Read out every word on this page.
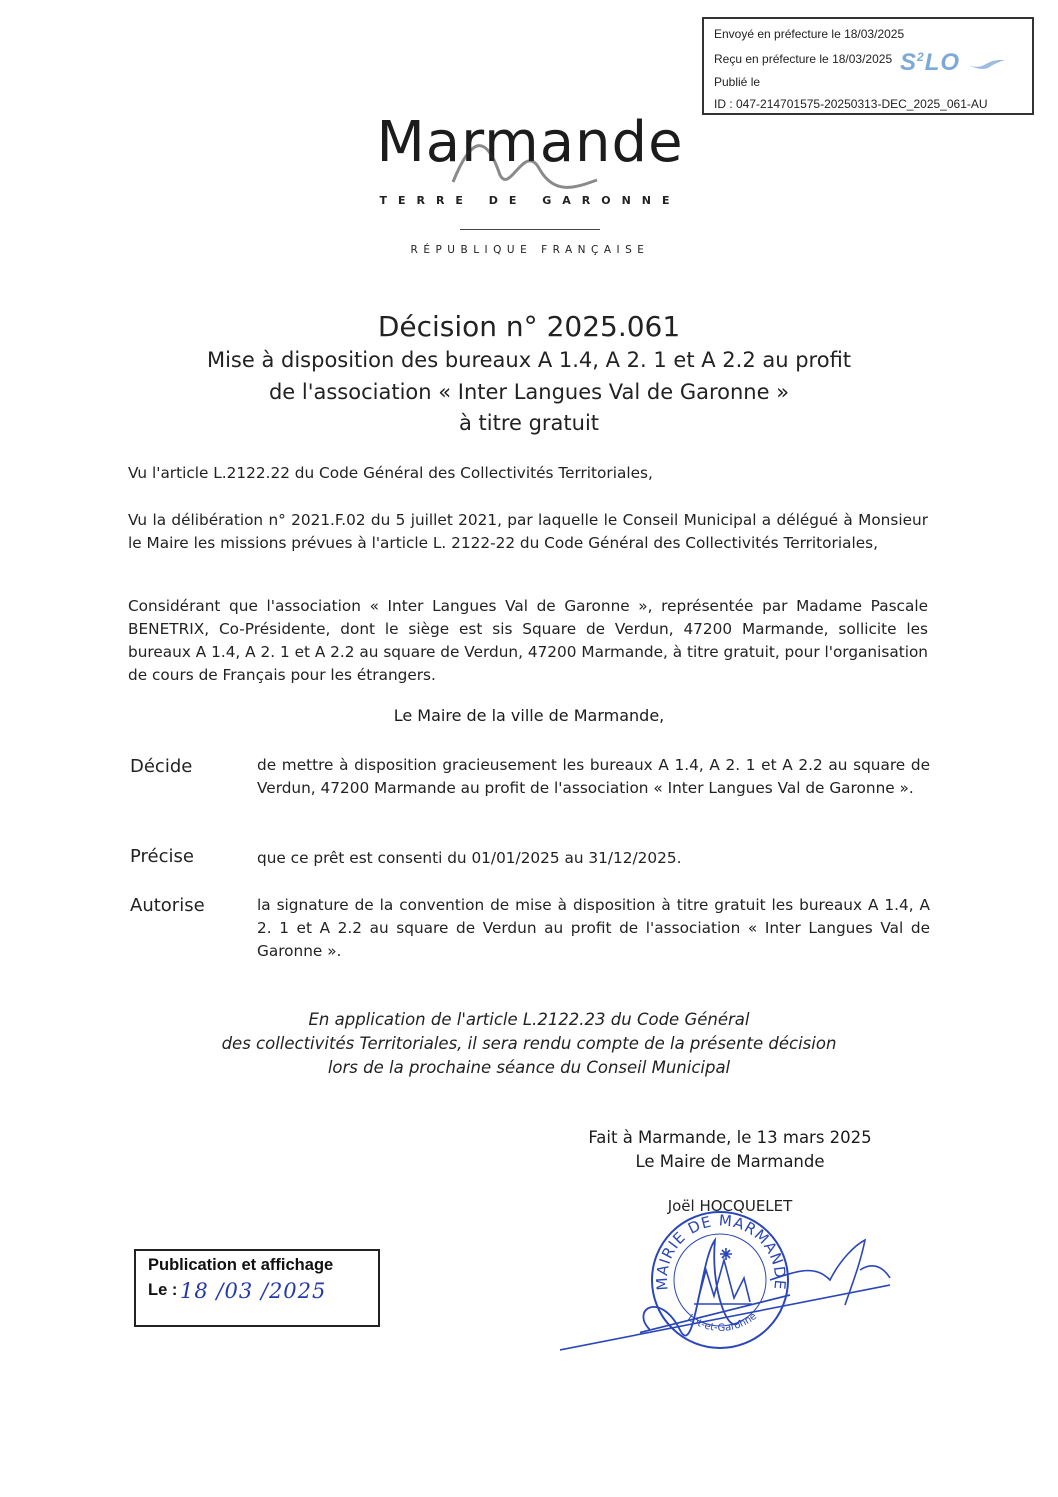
Envoyé en préfecture le 18/03/2025
Reçu en préfecture le 18/03/2025
Publié le
ID : 047-214701575-20250313-DEC_2025_061-AU
$S^2LO$
Marmande
TERRE DE GARONNE
RÉPUBLIQUE FRANÇAISE
Décision n° 2025.061
Mise à disposition des bureaux A 1.4, A 2. 1 et A 2.2 au profit
de l'association « Inter Langues Val de Garonne »
à titre gratuit
Vu l'article L.2122.22 du Code Général des Collectivités Territoriales,
Vu la délibération n° 2021.F.02 du 5 juillet 2021, par laquelle le Conseil Municipal a délégué à Monsieur le Maire les missions prévues à l'article L. 2122-22 du Code Général des Collectivités Territoriales,
Considérant que l'association « Inter Langues Val de Garonne », représentée par Madame Pascale BENETRIX, Co-Présidente, dont le siège est sis Square de Verdun, 47200 Marmande, sollicite les bureaux A 1.4, A 2. 1 et A 2.2 au square de Verdun, 47200 Marmande, à titre gratuit, pour l'organisation de cours de Français pour les étrangers.
Le Maire de la ville de Marmande,
Décide	de mettre à disposition gracieusement les bureaux A 1.4, A 2. 1 et A 2.2 au square de Verdun, 47200 Marmande au profit de l'association « Inter Langues Val de Garonne ».
Précise	que ce prêt est consenti du 01/01/2025 au 31/12/2025.
Autorise	la signature de la convention de mise à disposition à titre gratuit les bureaux A 1.4, A 2. 1 et A 2.2 au square de Verdun au profit de l'association « Inter Langues Val de Garonne ».
En application de l'article L.2122.23 du Code Général
des collectivités Territoriales, il sera rendu compte de la présente décision
lors de la prochaine séance du Conseil Municipal
Fait à Marmande, le 13 mars 2025
Le Maire de Marmande
Joël HOCQUELET
MAIRIE DE MARMANDE
Lot-et-Garonne
Publication et affichage
Le : 18 /03 /2025
